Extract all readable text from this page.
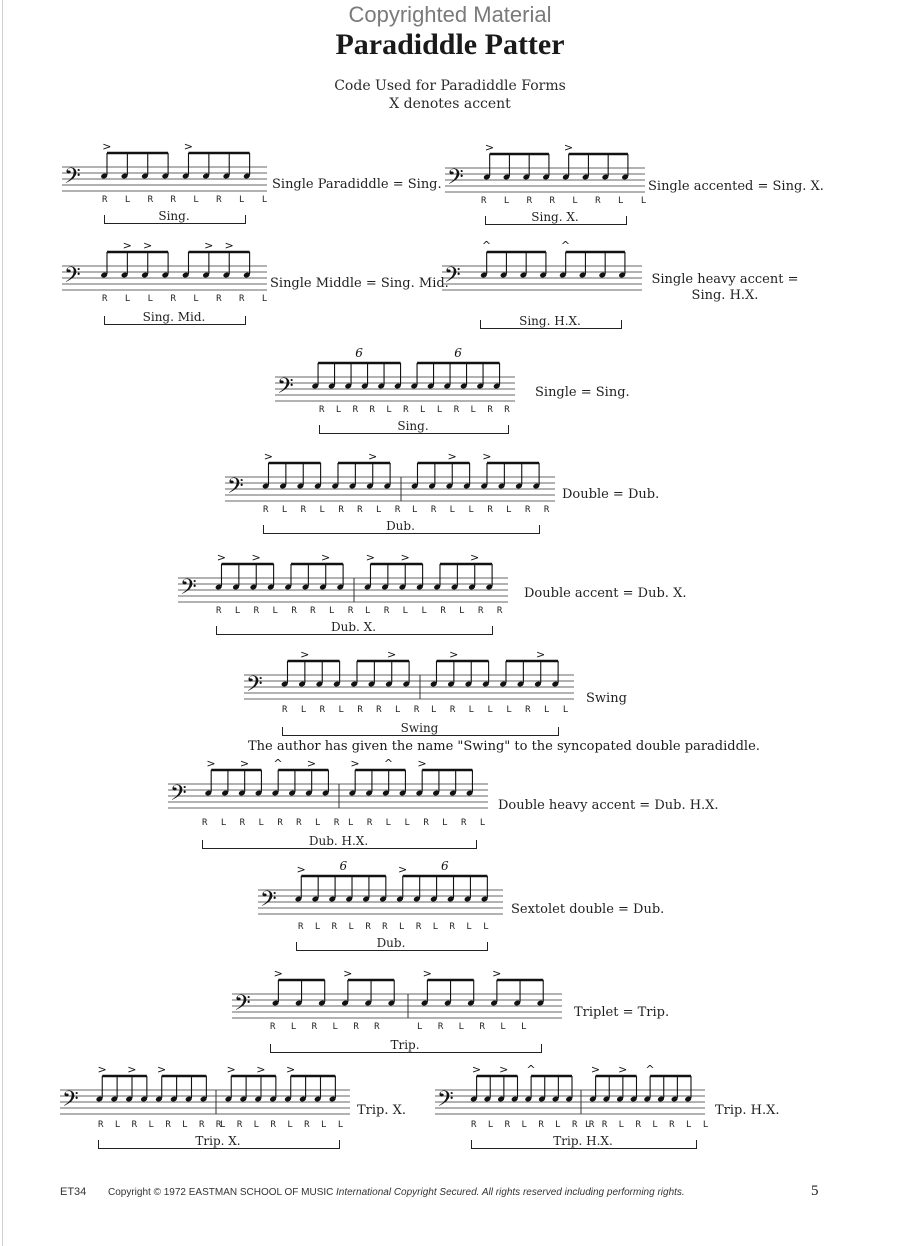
Copyrighted Material
Paradiddle Patter
Code Used for Paradiddle Forms
X denotes accent
𝄢
>	>
Single Paradiddle = Sing.
R L R R L R L L
Sing.
𝄢
>	>
Single accented = Sing. X.
R L R R L R L L
Sing. X.
𝄢
> >	> >
Single Middle = Sing. Mid.
R L L R L R R L
Sing. Mid.
𝄢
^	^
Single heavy accent =
Sing. H.X.
Sing. H.X.
𝄢
6	6
Single = Sing.
R L R R L R L L R L R R
Sing.
𝄢
>	>	> >
Double = Dub.
R L R L R R L R L R L L R L R R
Dub.
𝄢
> >	>	> >	>
Double accent = Dub. X.
R L R L R R L R L R L L R L R R
Dub. X.
𝄢
>	>	>	>
Swing
R L R L R R L R L R L L L R L L
Swing
The author has given the name "Swing" to the syncopated double paradiddle.
𝄢
> > ^ >	> ^ >
Double heavy accent = Dub. H.X.
R L R L R R L R L R L L R L R L
Dub. H.X.
𝄢
>	>
6	6
Sextolet double = Dub.
R L R L R R L R L R L L
Dub.
𝄢
>	>	>	>
Triplet = Trip.
R L R L R R	L R L R L L
Trip.
𝄢
> > >	> > >
Trip. X.
R L R L R L R R
L R L R L R L L
Trip. X.
𝄢
> > ^	> > ^
Trip. H.X.
R L R L R L R R
L R L R L R L L
Trip. H.X.
ET34 Copyright © 1972 EASTMAN SCHOOL OF MUSIC International Copyright Secured. All rights reserved including performing rights.	5
